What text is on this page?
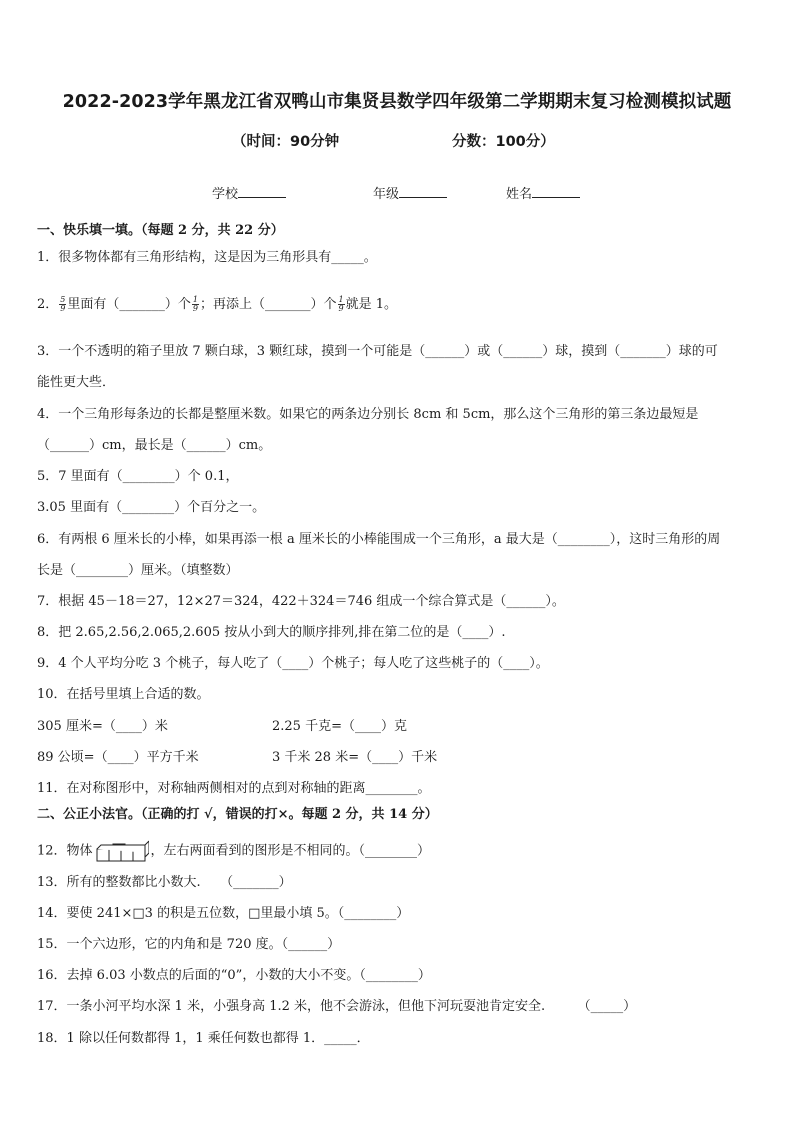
2022-2023学年黑龙江省双鸭山市集贤县数学四年级第二学期期末复习检测模拟试题
（时间：90分钟	分数：100分）
学校	年级	姓名
一、快乐填一填。（每题 2 分，共 22 分）
1．很多物体都有三角形结构，这是因为三角形具有_____。
2． $\frac{5}{9}$ 里面有（_______）个 $\frac{1}{9}$ ；再添上（_______）个 $\frac{1}{9}$ 就是 1。
3．一个不透明的箱子里放 7 颗白球，3 颗红球，摸到一个可能是（______）或（______）球，摸到（_______）球的可
能性更大些．
4．一个三角形每条边的长都是整厘米数。如果它的两条边分别长 8cm 和 5cm，那么这个三角形的第三条边最短是
（______）cm，最长是（______）cm。
5．7 里面有（________）个 0.1，
3.05 里面有（________）个百分之一。
6．有两根 6 厘米长的小棒，如果再添一根 a 厘米长的小棒能围成一个三角形，a 最大是（________），这时三角形的周
长是（________）厘米。（填整数）
7．根据 45－18＝27，12×27＝324，422＋324＝746 组成一个综合算式是（______）。
8．把 2.65,2.56,2.065,2.605 按从小到大的顺序排列,排在第二位的是（____）.
9．4 个人平均分吃 3 个桃子，每人吃了（____）个桃子；每人吃了这些桃子的（____）。
10．在括号里填上合适的数。
305 厘米=（____）米	2.25 千克=（____）克
89 公顷=（____）平方千米	3 千米 28 米=（____）千米
11．在对称图形中，对称轴两侧相对的点到对称轴的距离________。
二、公正小法官。（正确的打 √，错误的打×。每题 2 分，共 14 分）
12．物体	，左右两面看到的图形是不相同的。（________）
13．所有的整数都比小数大.　　（_______）
14．要使 241×□3 的积是五位数，□里最小填 5。（________）
15．一个六边形，它的内角和是 720 度。（______）
16．去掉 6.03 小数点的后面的“0”，小数的大小不变。（________）
17．一条小河平均水深 1 米，小强身高 1.2 米，他不会游泳，但他下河玩耍池肯定安全.　　　（_____）
18．1 除以任何数都得 1，1 乘任何数也都得 1．_____．
